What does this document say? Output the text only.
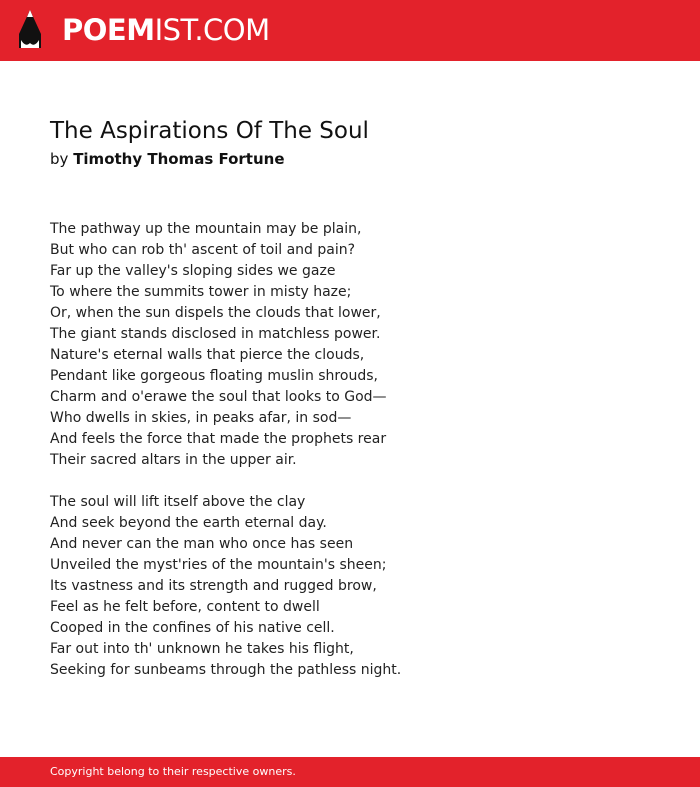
POEMIST.COM
The Aspirations Of The Soul
by Timothy Thomas Fortune
The pathway up the mountain may be plain,
But who can rob th' ascent of toil and pain?
Far up the valley's sloping sides we gaze
To where the summits tower in misty haze;
Or, when the sun dispels the clouds that lower,
The giant stands disclosed in matchless power.
Nature's eternal walls that pierce the clouds,
Pendant like gorgeous floating muslin shrouds,
Charm and o'erawe the soul that looks to God—
Who dwells in skies, in peaks afar, in sod—
And feels the force that made the prophets rear
Their sacred altars in the upper air.
The soul will lift itself above the clay
And seek beyond the earth eternal day.
And never can the man who once has seen
Unveiled the myst'ries of the mountain's sheen;
Its vastness and its strength and rugged brow,
Feel as he felt before, content to dwell
Cooped in the confines of his native cell.
Far out into th' unknown he takes his flight,
Seeking for sunbeams through the pathless night.
Copyright belong to their respective owners.
